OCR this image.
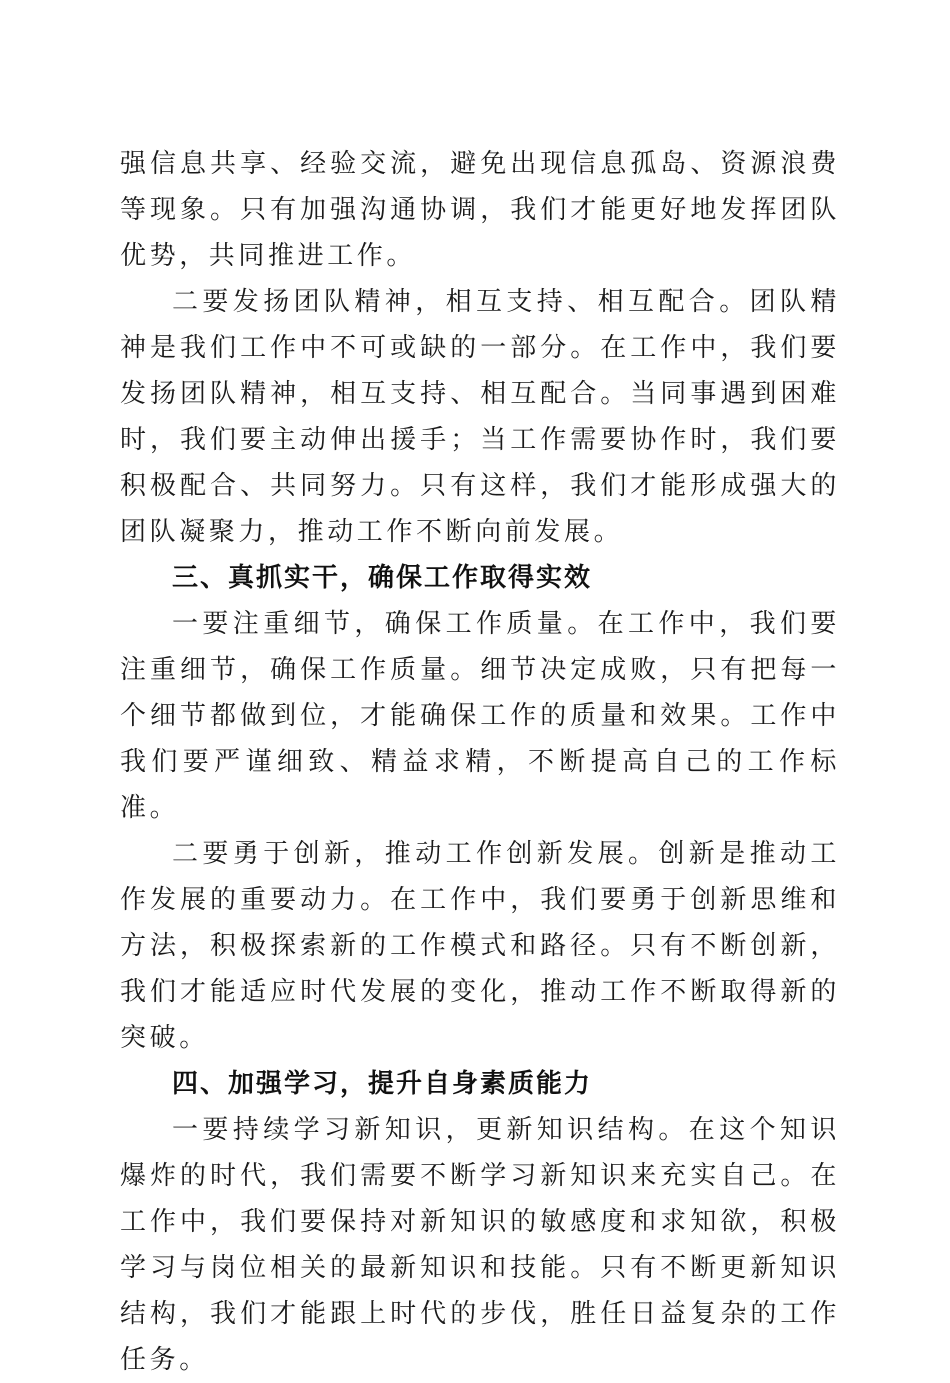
强信息共享、经验交流，避免出现信息孤岛、资源浪费等现象。只有加强沟通协调，我们才能更好地发挥团队优势，共同推进工作。

二要发扬团队精神，相互支持、相互配合。团队精神是我们工作中不可或缺的一部分。在工作中，我们要发扬团队精神，相互支持、相互配合。当同事遇到困难时，我们要主动伸出援手；当工作需要协作时，我们要积极配合、共同努力。只有这样，我们才能形成强大的团队凝聚力，推动工作不断向前发展。

三、真抓实干，确保工作取得实效

一要注重细节，确保工作质量。在工作中，我们要注重细节，确保工作质量。细节决定成败，只有把每一个细节都做到位，才能确保工作的质量和效果。工作中我们要严谨细致、精益求精，不断提高自己的工作标准。

二要勇于创新，推动工作创新发展。创新是推动工作发展的重要动力。在工作中，我们要勇于创新思维和方法，积极探索新的工作模式和路径。只有不断创新，我们才能适应时代发展的变化，推动工作不断取得新的突破。

四、加强学习，提升自身素质能力

一要持续学习新知识，更新知识结构。在这个知识爆炸的时代，我们需要不断学习新知识来充实自己。在工作中，我们要保持对新知识的敏感度和求知欲，积极学习与岗位相关的最新知识和技能。只有不断更新知识结构，我们才能跟上时代的步伐，胜任日益复杂的工作任务。
